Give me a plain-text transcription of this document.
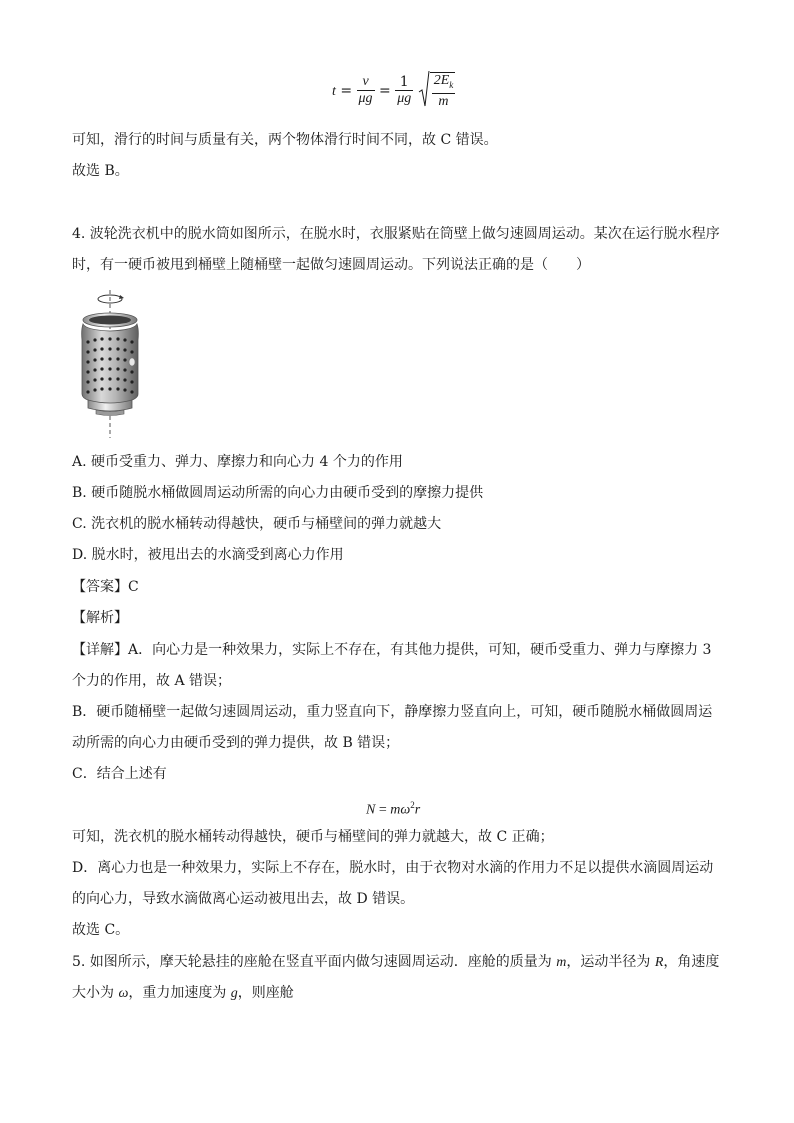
$t = \frac{v}{\mu g} = \frac{1}{\mu g}$
$\frac{2E_k}{m}$
可知，滑行的时间与质量有关，两个物体滑行时间不同，故 C 错误。
故选 B。
4. 波轮洗衣机中的脱水筒如图所示，在脱水时，衣服紧贴在筒壁上做匀速圆周运动。某次在运行脱水程序
时，有一硬币被甩到桶壁上随桶壁一起做匀速圆周运动。下列说法正确的是（　　）
A. 硬币受重力、弹力、摩擦力和向心力 4 个力的作用
B. 硬币随脱水桶做圆周运动所需的向心力由硬币受到的摩擦力提供
C. 洗衣机的脱水桶转动得越快，硬币与桶壁间的弹力就越大
D. 脱水时，被甩出去的水滴受到离心力作用
【答案】C
【解析】
【详解】A．向心力是一种效果力，实际上不存在，有其他力提供，可知，硬币受重力、弹力与摩擦力 3
个力的作用，故 A 错误；
B．硬币随桶壁一起做匀速圆周运动，重力竖直向下，静摩擦力竖直向上，可知，硬币随脱水桶做圆周运
动所需的向心力由硬币受到的弹力提供，故 B 错误；
C．结合上述有
$N = m\omega^2r$
可知，洗衣机的脱水桶转动得越快，硬币与桶壁间的弹力就越大，故 C 正确；
D．离心力也是一种效果力，实际上不存在，脱水时，由于衣物对水滴的作用力不足以提供水滴圆周运动
的向心力，导致水滴做离心运动被甩出去，故 D 错误。
故选 C。
5. 如图所示，摩天轮悬挂的座舱在竖直平面内做匀速圆周运动．座舱的质量为 m，运动半径为 R，角速度
大小为 ω，重力加速度为 g，则座舱
